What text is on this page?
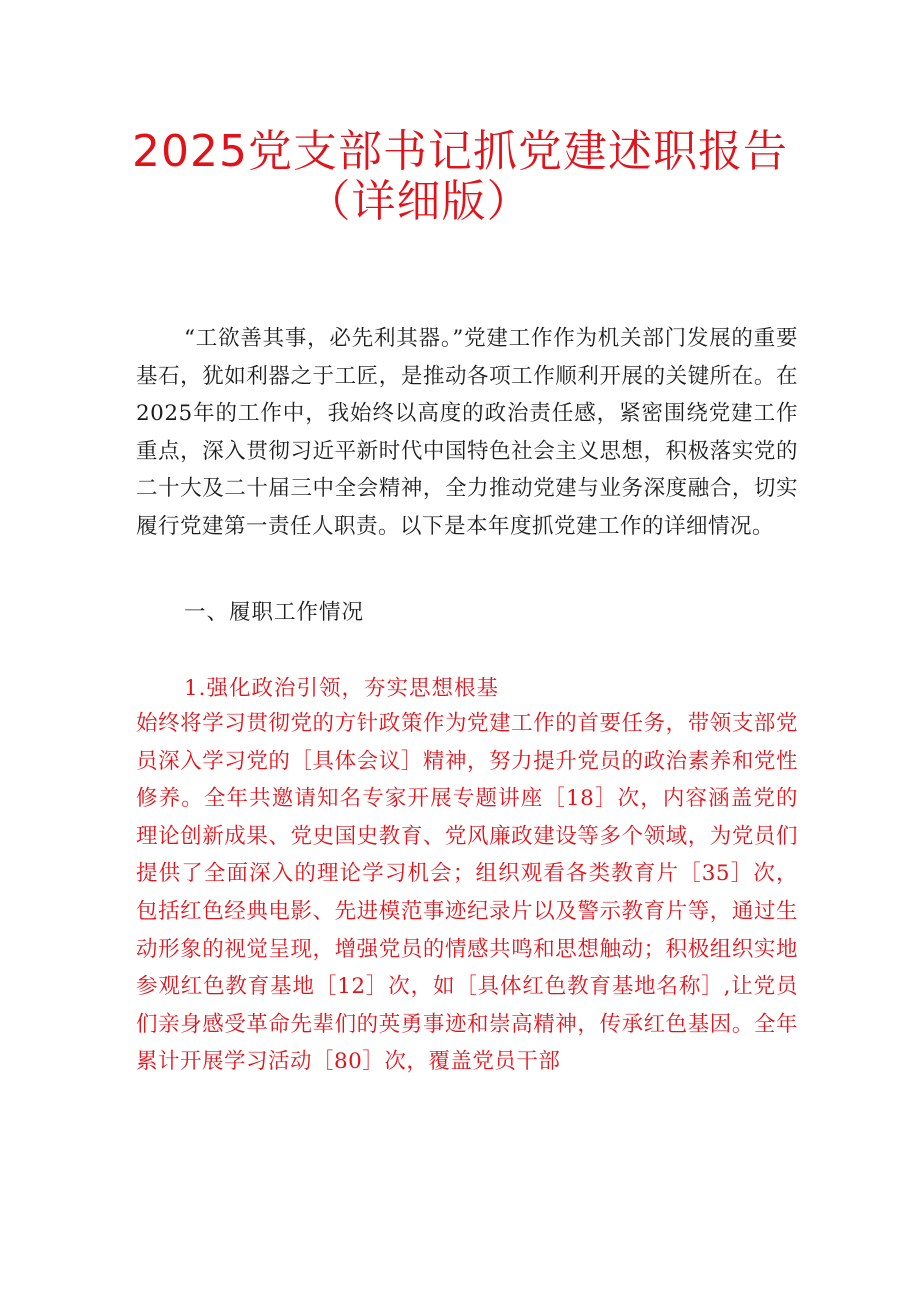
2025党支部书记抓党建述职报告
（详细版）
“工欲善其事，必先利其器。”党建工作作为机关部门发展的重要基石，犹如利器之于工匠，是推动各项工作顺利开展的关键所在。在2025年的工作中，我始终以高度的政治责任感，紧密围绕党建工作重点，深入贯彻习近平新时代中国特色社会主义思想，积极落实党的二十大及二十届三中全会精神，全力推动党建与业务深度融合，切实履行党建第一责任人职责。以下是本年度抓党建工作的详细情况。
一、履职工作情况
1.强化政治引领，夯实思想根基
始终将学习贯彻党的方针政策作为党建工作的首要任务，带领支部党员深入学习党的［具体会议］精神，努力提升党员的政治素养和党性修养。全年共邀请知名专家开展专题讲座［18］次，内容涵盖党的理论创新成果、党史国史教育、党风廉政建设等多个领域，为党员们提供了全面深入的理论学习机会；组织观看各类教育片［35］次，包括红色经典电影、先进模范事迹纪录片以及警示教育片等，通过生动形象的视觉呈现，增强党员的情感共鸣和思想触动；积极组织实地参观红色教育基地［12］次，如［具体红色教育基地名称］,让党员们亲身感受革命先辈们的英勇事迹和崇高精神，传承红色基因。全年累计开展学习活动［80］次，覆盖党员干部
